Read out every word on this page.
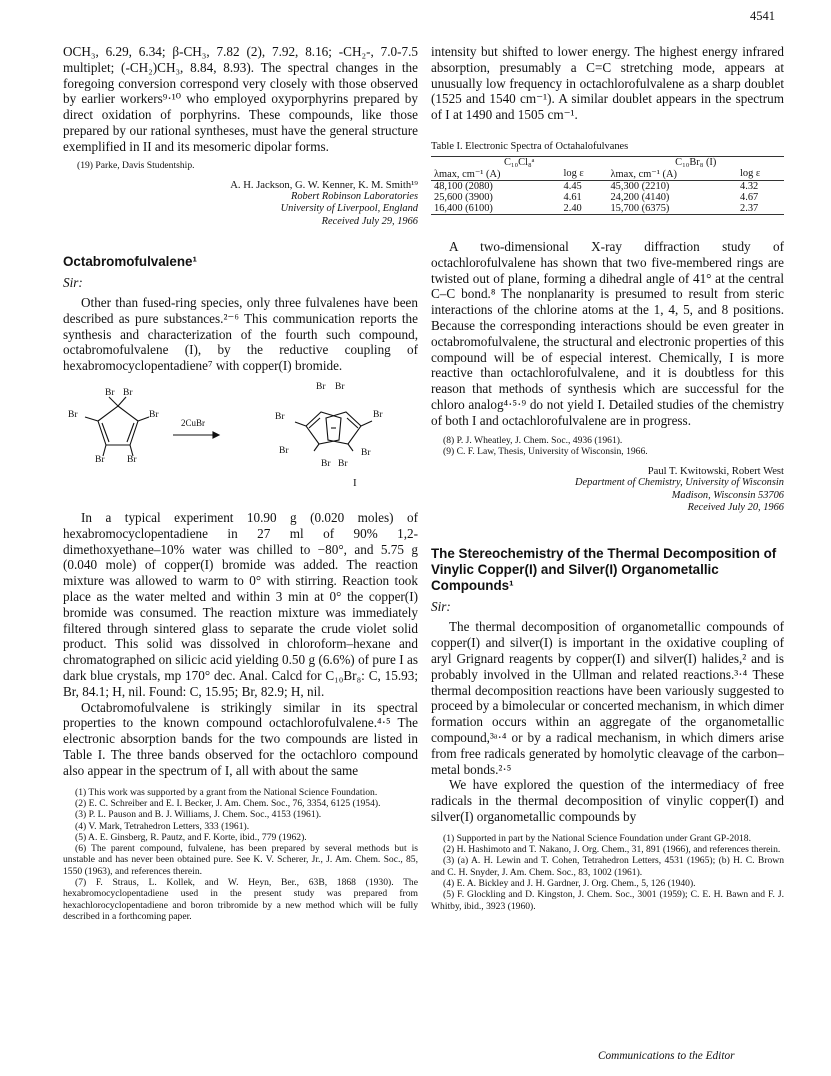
4541

OCH₃, 6.29, 6.34; β-CH₃, 7.82 (2), 7.92, 8.16; -CH₂-, 7.0-7.5 multiplet; (-CH₂)CH₃, 8.84, 8.93). The spectral changes in the foregoing conversion correspond very closely with those observed by earlier workers⁹·¹⁰ who employed oxyporphyrins prepared by direct oxidation of porphyrins. These compounds, like those prepared by our rational syntheses, must have the general structure exemplified in II and its mesomeric dipolar forms.

(19) Parke, Davis Studentship.
A. H. Jackson, G. W. Kenner, K. M. Smith¹⁹
Robert Robinson Laboratories
University of Liverpool, England
Received July 29, 1966
Octabromofulvalene¹
Sir:

Other than fused-ring species, only three fulvalenes have been described as pure substances.²⁻⁶ This communication reports the synthesis and characterization of the fourth such compound, octabromofulvalene (I), by the reductive coupling of hexabromocyclopentadiene⁷ with copper(I) bromide.

Br Br
Br	Br
Br Br
2CuBr
Br Br
Br	Br
Br	Br
Br Br
I

In a typical experiment 10.90 g (0.020 moles) of hexabromocyclopentadiene in 27 ml of 90% 1,2-dimethoxyethane–10% water was chilled to −80°, and 5.75 g (0.040 mole) of copper(I) bromide was added. The reaction mixture was allowed to warm to 0° with stirring. Reaction took place as the water melted and within 3 min at 0° the copper(I) bromide was consumed. The reaction mixture was immediately filtered through sintered glass to separate the crude violet solid product. This solid was dissolved in chloroform–hexane and chromatographed on silicic acid yielding 0.50 g (6.6%) of pure I as dark blue crystals, mp 170° dec. Anal. Calcd for C₁₀Br₈: C, 15.93; Br, 84.1; H, nil. Found: C, 15.95; Br, 82.9; H, nil.

Octabromofulvalene is strikingly similar in its spectral properties to the known compound octachlorofulvalene.⁴·⁵ The electronic absorption bands for the two compounds are listed in Table I. The three bands observed for the octachloro compound also appear in the spectrum of I, all with about the same

(1) This work was supported by a grant from the National Science Foundation.

(2) E. C. Schreiber and E. I. Becker, J. Am. Chem. Soc., 76, 3354, 6125 (1954).

(3) P. L. Pauson and B. J. Williams, J. Chem. Soc., 4153 (1961).

(4) V. Mark, Tetrahedron Letters, 333 (1961).

(5) A. E. Ginsberg, R. Pautz, and F. Korte, ibid., 779 (1962).

(6) The parent compound, fulvalene, has been prepared by several methods but is unstable and has never been obtained pure. See K. V. Scherer, Jr., J. Am. Chem. Soc., 85, 1550 (1963), and references therein.

(7) F. Straus, L. Kollek, and W. Heyn, Ber., 63B, 1868 (1930). The hexabromocyclopentadiene used in the present study was prepared from hexachlorocyclopentadiene and boron tribromide by a new method which will be fully described in a forthcoming paper.

intensity but shifted to lower energy. The highest energy infrared absorption, presumably a C=C stretching mode, appears at unusually low frequency in octachlorofulvalene as a sharp doublet (1525 and 1540 cm⁻¹). A similar doublet appears in the spectrum of I at 1490 and 1505 cm⁻¹.

Table I. Electronic Spectra of Octahalofulvanes
C₁₀Cl₈ᵃ		C₁₀Br₈ (I)	
λmax, cm⁻¹ (A)	log ε	λmax, cm⁻¹ (A)	log ε
48,100 (2080)	4.45	45,300 (2210)	4.32
25,600 (3900)	4.61	24,200 (4140)	4.67
16,400 (6100)	2.40	15,700 (6375)	2.37

A two-dimensional X-ray diffraction study of octachlorofulvalene has shown that two five-membered rings are twisted out of plane, forming a dihedral angle of 41° at the central C–C bond.⁸ The nonplanarity is presumed to result from steric interactions of the chlorine atoms at the 1, 4, 5, and 8 positions. Because the corresponding interactions should be even greater in octabromofulvalene, the structural and electronic properties of this compound will be of especial interest. Chemically, I is more reactive than octachlorofulvalene, and it is doubtless for this reason that methods of synthesis which are successful for the chloro analog⁴·⁵·⁹ do not yield I. Detailed studies of the chemistry of both I and octachlorofulvalene are in progress.

(8) P. J. Wheatley, J. Chem. Soc., 4936 (1961).

(9) C. F. Law, Thesis, University of Wisconsin, 1966.

Paul T. Kwitowski, Robert West
Department of Chemistry, University of Wisconsin
Madison, Wisconsin 53706
Received July 20, 1966
The Stereochemistry of the Thermal Decomposition of Vinylic Copper(I) and Silver(I) Organometallic Compounds¹
Sir:

The thermal decomposition of organometallic compounds of copper(I) and silver(I) is important in the oxidative coupling of aryl Grignard reagents by copper(I) and silver(I) halides,² and is probably involved in the Ullman and related reactions.³·⁴ These thermal decomposition reactions have been variously suggested to proceed by a bimolecular or concerted mechanism, in which dimer formation occurs within an aggregate of the organometallic compound,³ᵃ·⁴ or by a radical mechanism, in which dimers arise from free radicals generated by homolytic cleavage of the carbon–metal bonds.²·⁵

We have explored the question of the intermediacy of free radicals in the thermal decomposition of vinylic copper(I) and silver(I) organometallic compounds by

(1) Supported in part by the National Science Foundation under Grant GP-2018.

(2) H. Hashimoto and T. Nakano, J. Org. Chem., 31, 891 (1966), and references therein.

(3) (a) A. H. Lewin and T. Cohen, Tetrahedron Letters, 4531 (1965); (b) H. C. Brown and C. H. Snyder, J. Am. Chem. Soc., 83, 1002 (1961).

(4) E. A. Bickley and J. H. Gardner, J. Org. Chem., 5, 126 (1940).

(5) F. Glockling and D. Kingston, J. Chem. Soc., 3001 (1959); C. E. H. Bawn and F. J. Whitby, ibid., 3923 (1960).

Communications to the Editor
